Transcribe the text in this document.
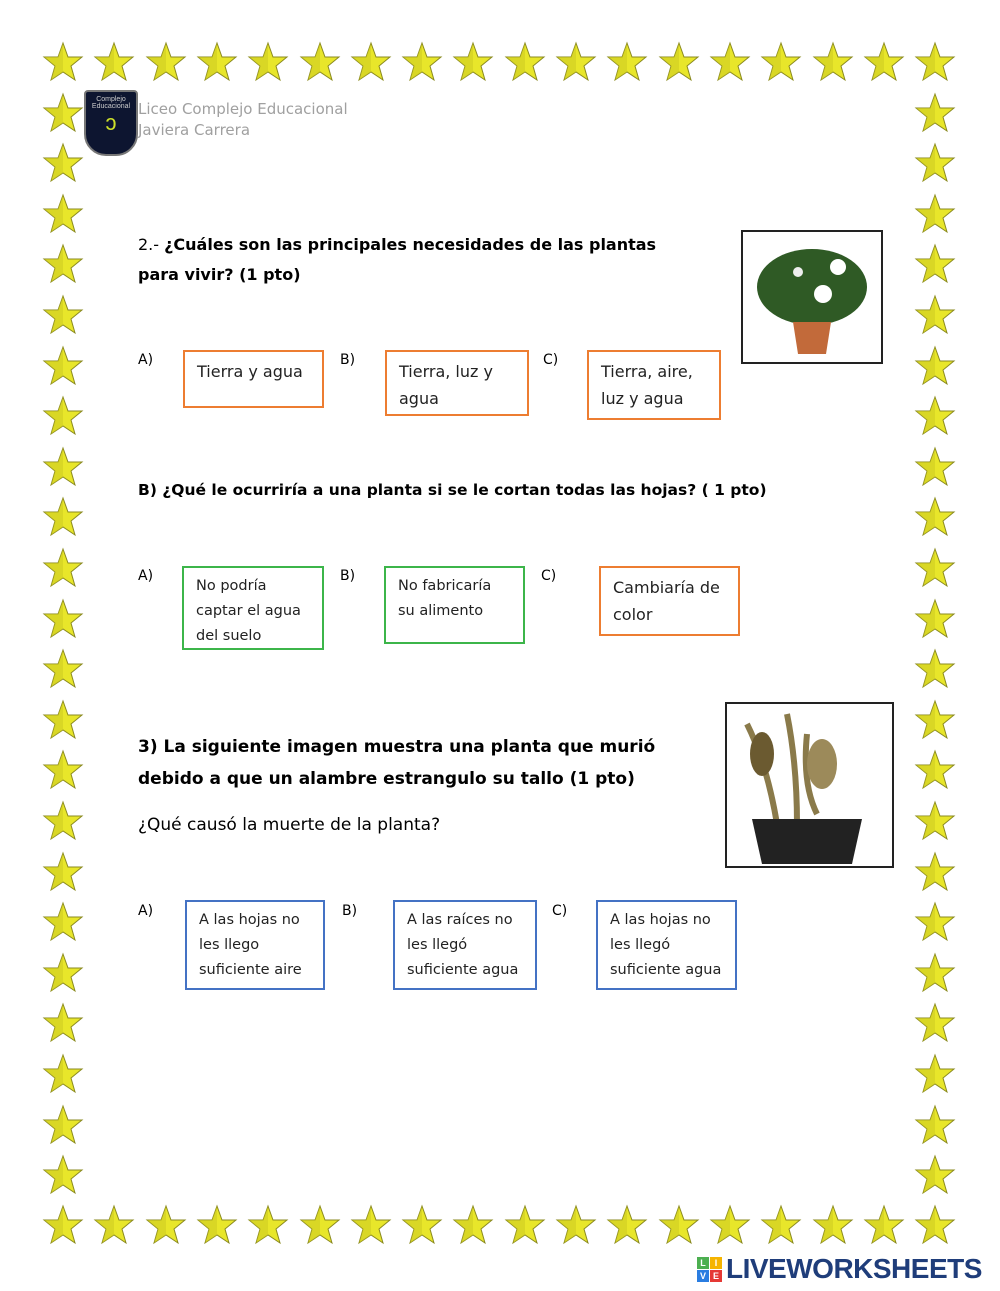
Complejo Educacional
ↄ
Liceo Complejo Educacional
Javiera Carrera
2.- ¿Cuáles son las principales necesidades de las plantas para vivir? (1 pto)
A)
Tierra y agua
B)
Tierra, luz y agua
C)
Tierra, aire, luz y agua
B) ¿Qué le ocurriría a una planta si se le cortan todas las hojas? ( 1 pto)
A)
No podría captar el agua del suelo
B)
No fabricaría su alimento
C)
Cambiaría de color
3) La siguiente imagen muestra una planta que murió debido a que un alambre estrangulo su tallo (1 pto)
¿Qué causó la muerte de la planta?
A)
A las hojas no les llego suficiente aire
B)
A las raíces no les llegó suficiente agua
C)
A las hojas no les llegó suficiente agua
L I
V E LIVEWORKSHEETS
